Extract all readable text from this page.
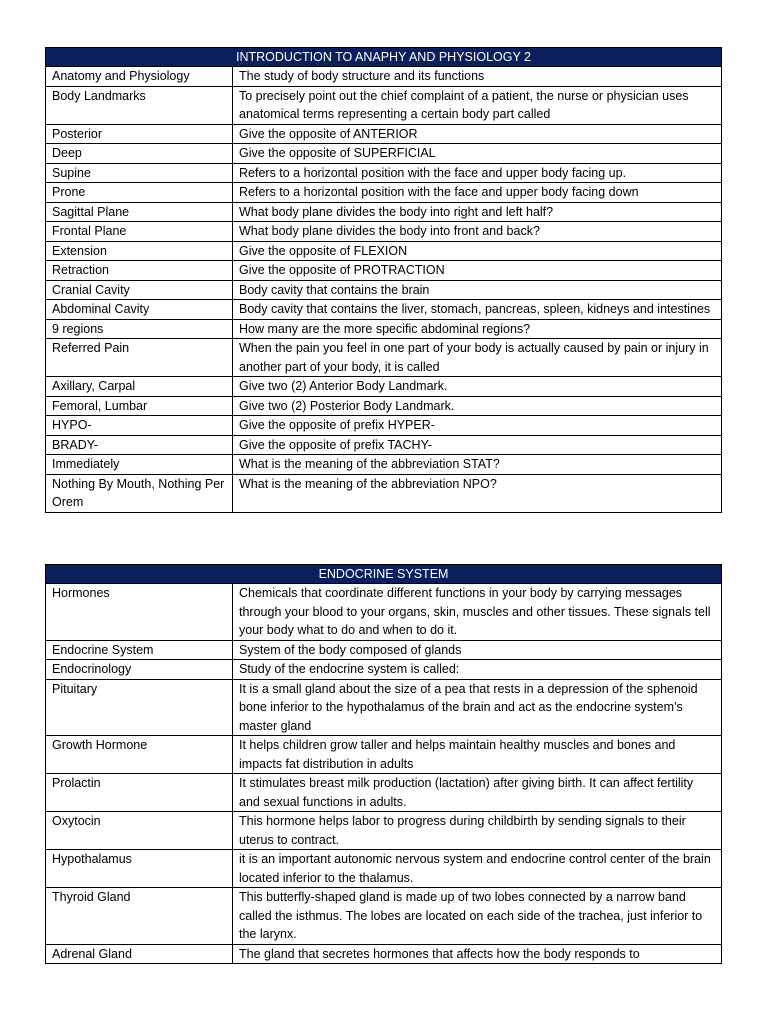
INTRODUCTION TO ANAPHY AND PHYSIOLOGY 2	
Anatomy and Physiology	The study of body structure and its functions
Body Landmarks	To precisely point out the chief complaint of a patient, the nurse or physician uses anatomical terms representing a certain body part called
Posterior	Give the opposite of ANTERIOR
Deep	Give the opposite of SUPERFICIAL
Supine	Refers to a horizontal position with the face and upper body facing up.
Prone	Refers to a horizontal position with the face and upper body facing down
Sagittal Plane	What body plane divides the body into right and left half?
Frontal Plane	What body plane divides the body into front and back?
Extension	Give the opposite of FLEXION
Retraction	Give the opposite of PROTRACTION
Cranial Cavity	Body cavity that contains the brain
Abdominal Cavity	Body cavity that contains the liver, stomach, pancreas, spleen, kidneys and intestines
9 regions	How many are the more specific abdominal regions?
Referred Pain	When the pain you feel in one part of your body is actually caused by pain or injury in another part of your body, it is called
Axillary, Carpal	Give two (2) Anterior Body Landmark.
Femoral, Lumbar	Give two (2) Posterior Body Landmark.
HYPO-	Give the opposite of prefix HYPER-
BRADY-	Give the opposite of prefix TACHY-
Immediately	What is the meaning of the abbreviation STAT?
Nothing By Mouth, Nothing Per Orem	What is the meaning of the abbreviation NPO?
ENDOCRINE SYSTEM	
Hormones	Chemicals that coordinate different functions in your body by carrying messages through your blood to your organs, skin, muscles and other tissues. These signals tell your body what to do and when to do it.
Endocrine System	System of the body composed of glands
Endocrinology	Study of the endocrine system is called:
Pituitary	It is a small gland about the size of a pea that rests in a depression of the sphenoid bone inferior to the hypothalamus of the brain and act as the endocrine system’s master gland
Growth Hormone	It helps children grow taller and helps maintain healthy muscles and bones and impacts fat distribution in adults
Prolactin	It stimulates breast milk production (lactation) after giving birth. It can affect fertility and sexual functions in adults.
Oxytocin	This hormone helps labor to progress during childbirth by sending signals to their uterus to contract.
Hypothalamus	it is an important autonomic nervous system and endocrine control center of the brain located inferior to the thalamus.
Thyroid Gland	This butterfly-shaped gland is made up of two lobes connected by a narrow band called the isthmus. The lobes are located on each side of the trachea, just inferior to the larynx.
Adrenal Gland	The gland that secretes hormones that affects how the body responds to
